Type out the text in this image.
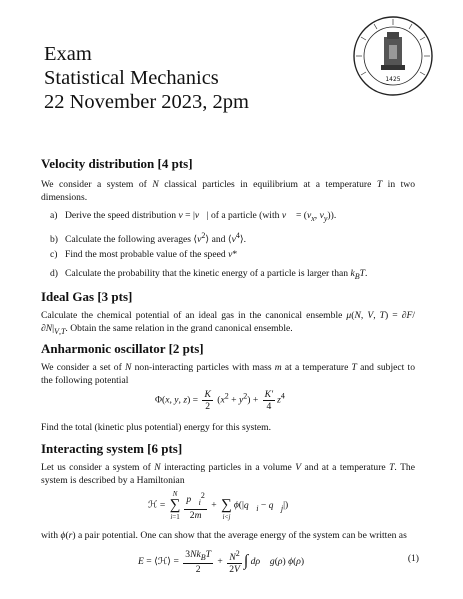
Exam
Statistical Mechanics
22 November 2023, 2pm
1425
Velocity distribution [4 pts]
We consider a system of N classical particles in equilibrium at a temperature T in two dimensions.
a) Derive the speed distribution v = |v⃗| of a particle (with v⃗ = ($v_x$, $v_y$)).
b) Calculate the following averages $⟨v^2⟩$ and $⟨v^4⟩$.
c) Find the most probable value of the speed v*
d) Calculate the probability that the kinetic energy of a particle is larger than $k_BT$.
Ideal Gas [3 pts]
Calculate the chemical potential of an ideal gas in the canonical ensemble μ(N, V, $T) = \partial F/\partial N|_{V,T}$. Obtain the same relation in the grand canonical ensemble.
Anharmonic oscillator [2 pts]
We consider a set of N non-interacting particles with mass m at a temperature T and subject to the following potential
Φ(x, y, $z) = \frac{K}{2} (x^2 + y^2) + \frac{K'}{4} z^4$
Find the total (kinetic plus potential) energy for this system.
Interacting system [6 pts]
Let us consider a system of N interacting particles in a volume V and at a temperature T. The system is described by a Hamiltonian
ℋ =
N
∑
$i=1 \frac{p⃗_i^2}{2m}$ +
∑
i<j
$\phi(|q⃗_i$ − $q⃗_j|$)
with ϕ(r) a pair potential. One can show that the average energy of the system can be written as
E = ⟨ℋ⟩ = $\frac{3Nk_BT}{2} + \frac{N^2}{2V}$ ∫ dρ⃗ g(ρ) ϕ(ρ)	(1)
